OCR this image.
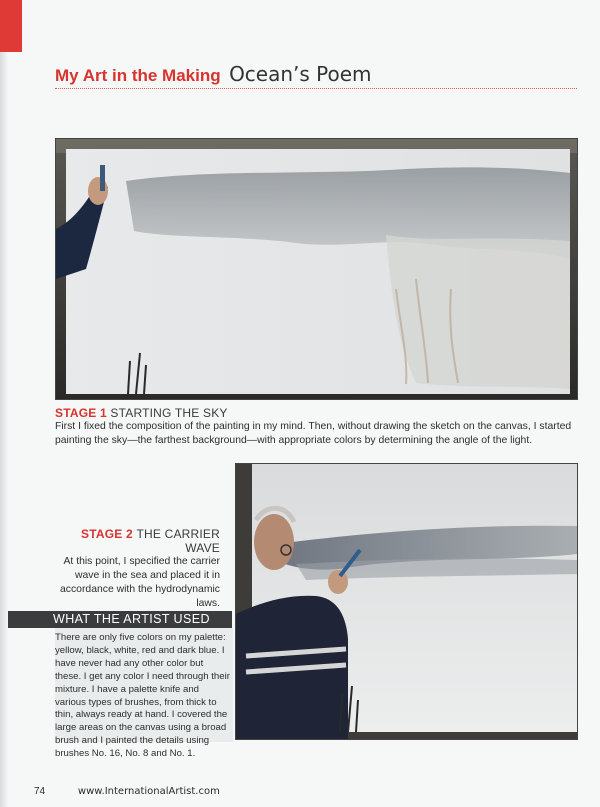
My Art in the Making Ocean’s Poem
STAGE 1 STARTING THE SKY
First I fixed the composition of the painting in my mind. Then, without drawing the sketch on the canvas, I started painting the sky—the farthest background—with appropriate colors by determining the angle of the light.
STAGE 2 THE CARRIER WAVE
At this point, I specified the carrier wave in the sea and placed it in accordance with the hydrodynamic laws.
WHAT THE ARTIST USED
There are only five colors on my palette: yellow, black, white, red and dark blue. I have never had any other color but these. I get any color I need through their mixture. I have a palette knife and various types of brushes, from thick to thin, always ready at hand. I covered the large areas on the canvas using a broad brush and I painted the details using brushes No. 16, No. 8 and No. 1.
74	www.InternationalArtist.com
